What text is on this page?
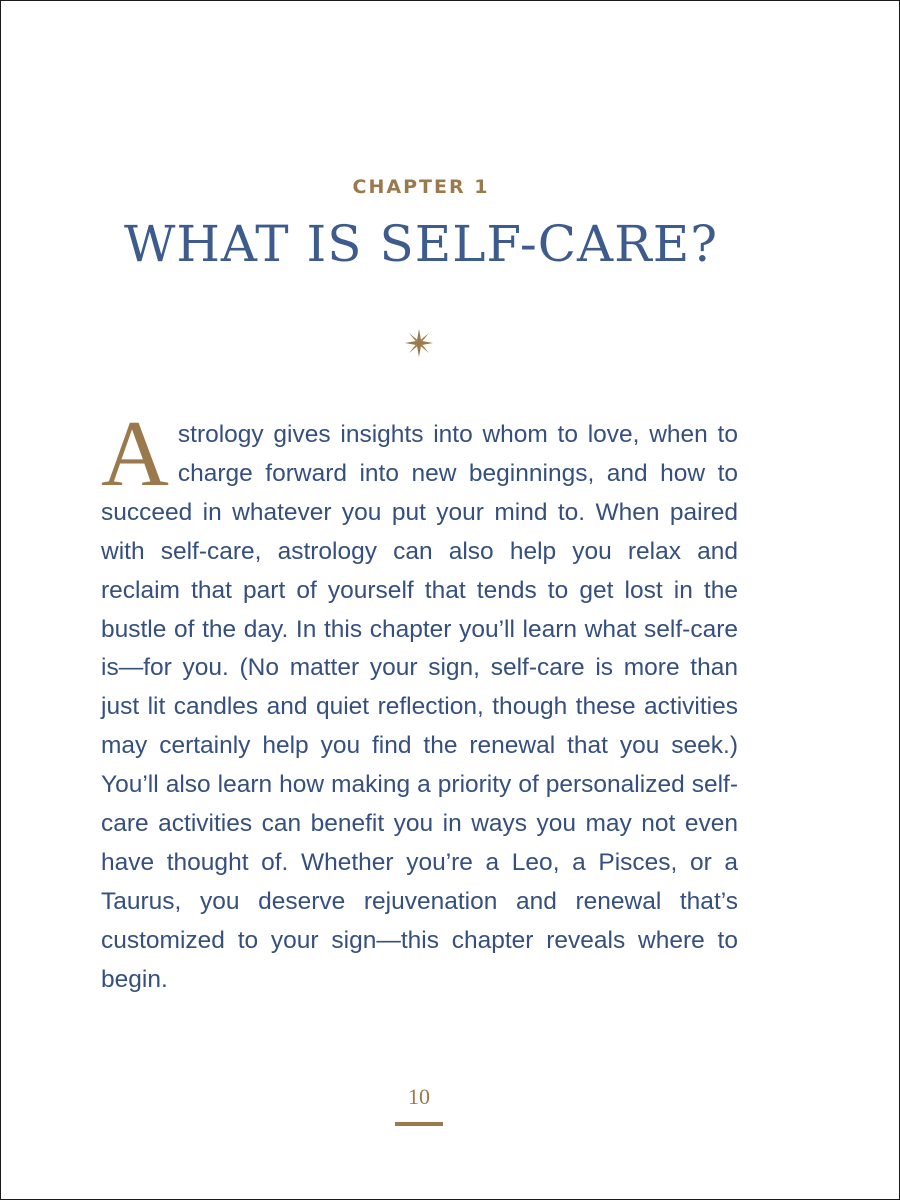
CHAPTER 1
WHAT IS SELF-CARE?

Astrology gives insights into whom to love, when to charge forward into new beginnings, and how to succeed in whatever you put your mind to. When paired with self-care, astrology can also help you relax and reclaim that part of yourself that tends to get lost in the bustle of the day. In this chapter you’ll learn what self-care is—for you. (No matter your sign, self-care is more than just lit candles and quiet reflection, though these activities may certainly help you find the renewal that you seek.) You’ll also learn how making a priority of personalized self-care activities can benefit you in ways you may not even have thought of. Whether you’re a Leo, a Pisces, or a Taurus, you deserve rejuvenation and renewal that’s customized to your sign—this chapter reveals where to begin.

10
